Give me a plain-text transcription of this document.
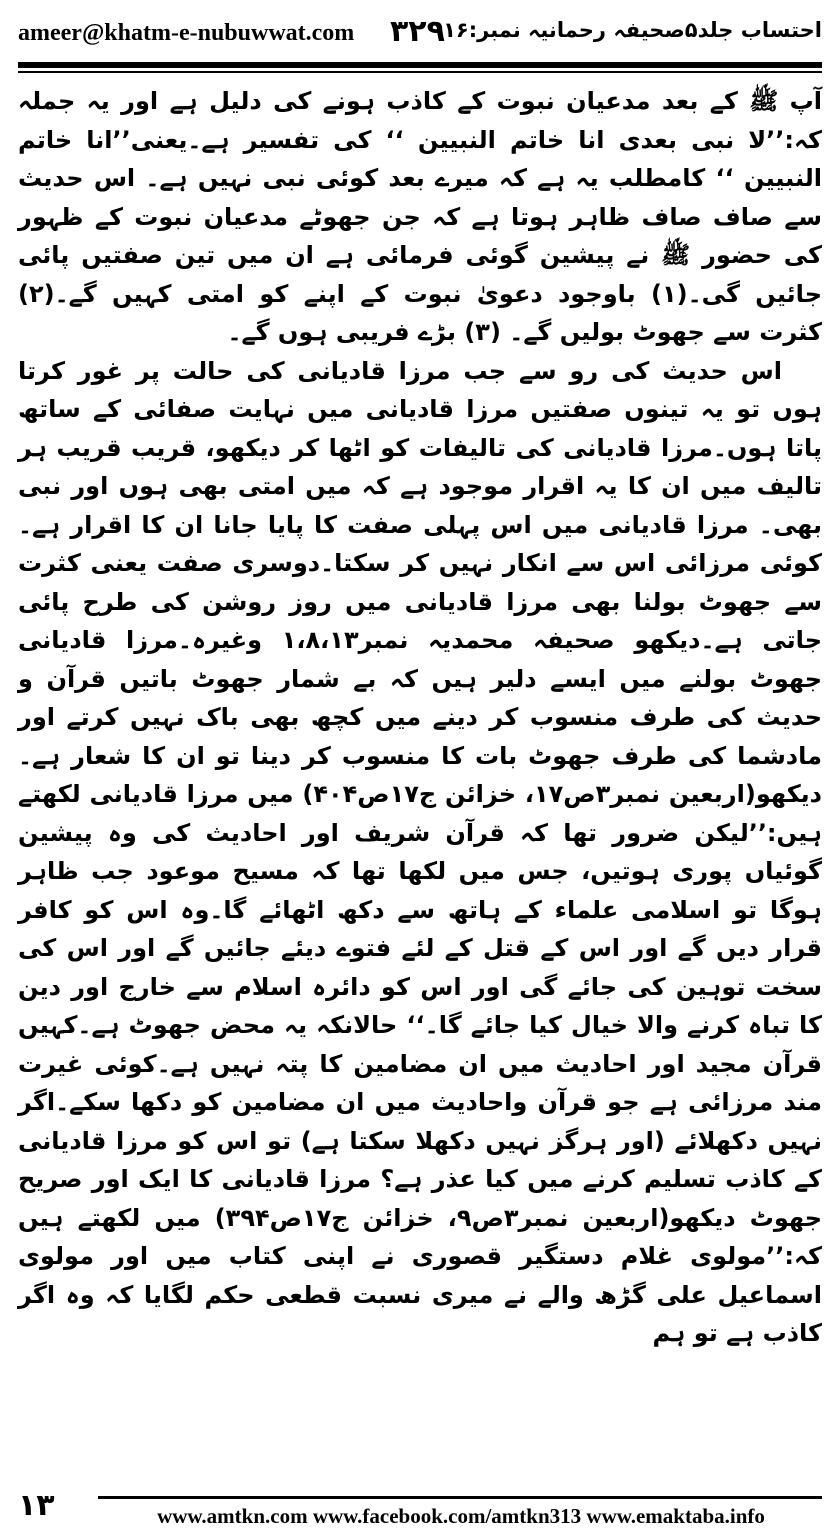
ameer@khatm-e-nubuwwat.com ۳۲۹
احتساب جلد۵صحیفہ رحمانیہ نمبر:۱۶

آپ ﷺ کے بعد مدعیان نبوت کے کاذب ہونے کی دلیل ہے اور یہ جملہ کہ:’’لا نبی بعدی انا خاتم النبیین ‘‘ کی تفسیر ہے۔یعنی’’انا خاتم النبیین ‘‘ کامطلب یہ ہے کہ میرے بعد کوئی نبی نہیں ہے۔ اس حدیث سے صاف صاف ظاہر ہوتا ہے کہ جن جھوٹے مدعیان نبوت کے ظہور کی حضور ﷺ نے پیشین گوئی فرمائی ہے ان میں تین صفتیں پائی جائیں گی۔(۱) باوجود دعویٰ نبوت کے اپنے کو امتی کہیں گے۔(۲) کثرت سے جھوٹ بولیں گے۔ (۳) بڑے فریبی ہوں گے۔

اس حدیث کی رو سے جب مرزا قادیانی کی حالت پر غور کرتا ہوں تو یہ تینوں صفتیں مرزا قادیانی میں نہایت صفائی کے ساتھ پاتا ہوں۔مرزا قادیانی کی تالیفات کو اٹھا کر دیکھو، قریب قریب ہر تالیف میں ان کا یہ اقرار موجود ہے کہ میں امتی بھی ہوں اور نبی بھی۔ مرزا قادیانی میں اس پہلی صفت کا پایا جانا ان کا اقرار ہے۔کوئی مرزائی اس سے انکار نہیں کر سکتا۔دوسری صفت یعنی کثرت سے جھوٹ بولنا بھی مرزا قادیانی میں روز روشن کی طرح پائی جاتی ہے۔دیکھو صحیفہ محمدیہ نمبر۱،۸،۱۳ وغیرہ۔مرزا قادیانی جھوٹ بولنے میں ایسے دلیر ہیں کہ بے شمار جھوٹ باتیں قرآن و حدیث کی طرف منسوب کر دینے میں کچھ بھی باک نہیں کرتے اور مادشما کی طرف جھوٹ بات کا منسوب کر دینا تو ان کا شعار ہے۔دیکھو(اربعین نمبر۳ص۱۷، خزائن ج۱۷ص۴۰۴) میں مرزا قادیانی لکھتے ہیں:’’لیکن ضرور تھا کہ قرآن شریف اور احادیث کی وہ پیشین گوئیاں پوری ہوتیں، جس میں لکھا تھا کہ مسیح موعود جب ظاہر ہوگا تو اسلامی علماء کے ہاتھ سے دکھ اٹھائے گا۔وہ اس کو کافر قرار دیں گے اور اس کے قتل کے لئے فتوے دیئے جائیں گے اور اس کی سخت توہین کی جائے گی اور اس کو دائرہ اسلام سے خارج اور دین کا تباہ کرنے والا خیال کیا جائے گا۔‘‘ حالانکہ یہ محض جھوٹ ہے۔کہیں قرآن مجید اور احادیث میں ان مضامین کا پتہ نہیں ہے۔کوئی غیرت مند مرزائی ہے جو قرآن واحادیث میں ان مضامین کو دکھا سکے۔اگر نہیں دکھلائے (اور ہرگز نہیں دکھلا سکتا ہے) تو اس کو مرزا قادیانی کے کاذب تسلیم کرنے میں کیا عذر ہے؟ مرزا قادیانی کا ایک اور صریح جھوٹ دیکھو(اربعین نمبر۳ص۹، خزائن ج۱۷ص۳۹۴) میں لکھتے ہیں کہ:’’مولوی غلام دستگیر قصوری نے اپنی کتاب میں اور مولوی اسماعیل علی گڑھ والے نے میری نسبت قطعی حکم لگایا کہ وہ اگر کاذب ہے تو ہم

۱۳	www.amtkn.com www.facebook.com/amtkn313 www.emaktaba.info
